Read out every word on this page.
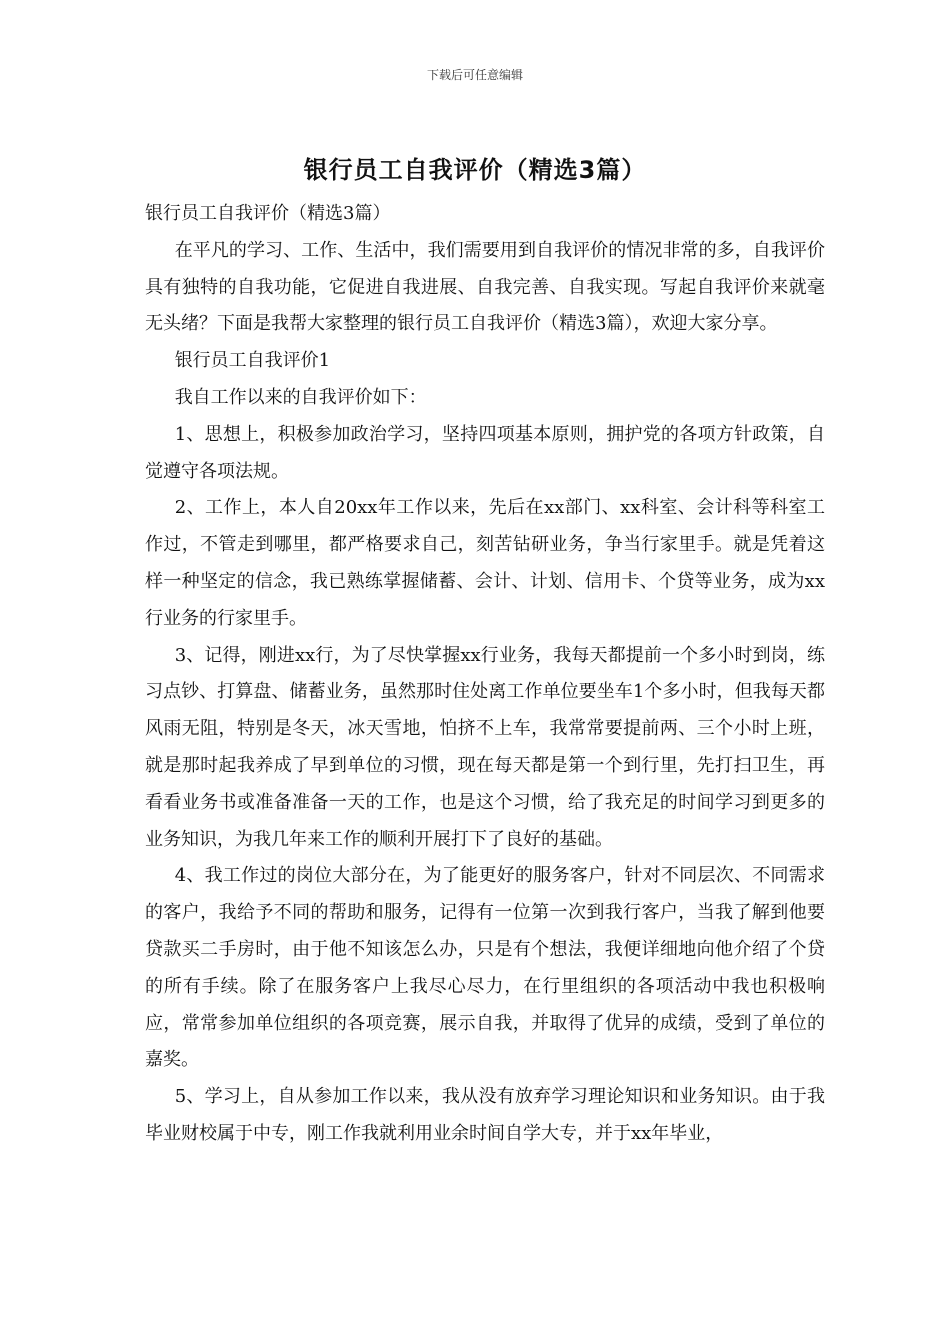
下载后可任意编辑
银行员工自我评价（精选3篇）

银行员工自我评价（精选3篇）

在平凡的学习、工作、生活中，我们需要用到自我评价的情况非常的多，自我评价具有独特的自我功能，它促进自我进展、自我完善、自我实现。写起自我评价来就毫无头绪？下面是我帮大家整理的银行员工自我评价（精选3篇），欢迎大家分享。

银行员工自我评价1

我自工作以来的自我评价如下：

1、思想上，积极参加政治学习，坚持四项基本原则，拥护党的各项方针政策，自觉遵守各项法规。

2、工作上，本人自20xx年工作以来，先后在xx部门、xx科室、会计科等科室工作过，不管走到哪里，都严格要求自己，刻苦钻研业务，争当行家里手。就是凭着这样一种坚定的信念，我已熟练掌握储蓄、会计、计划、信用卡、个贷等业务，成为xx行业务的行家里手。

3、记得，刚进xx行，为了尽快掌握xx行业务，我每天都提前一个多小时到岗，练习点钞、打算盘、储蓄业务，虽然那时住处离工作单位要坐车1个多小时，但我每天都风雨无阻，特别是冬天，冰天雪地，怕挤不上车，我常常要提前两、三个小时上班，就是那时起我养成了早到单位的习惯，现在每天都是第一个到行里，先打扫卫生，再看看业务书或准备准备一天的工作，也是这个习惯，给了我充足的时间学习到更多的业务知识，为我几年来工作的顺利开展打下了良好的基础。

4、我工作过的岗位大部分在，为了能更好的服务客户，针对不同层次、不同需求的客户，我给予不同的帮助和服务，记得有一位第一次到我行客户，当我了解到他要贷款买二手房时，由于他不知该怎么办，只是有个想法，我便详细地向他介绍了个贷的所有手续。除了在服务客户上我尽心尽力，在行里组织的各项活动中我也积极响应，常常参加单位组织的各项竞赛，展示自我，并取得了优异的成绩，受到了单位的嘉奖。

5、学习上，自从参加工作以来，我从没有放弃学习理论知识和业务知识。由于我毕业财校属于中专，刚工作我就利用业余时间自学大专，并于xx年毕业，
